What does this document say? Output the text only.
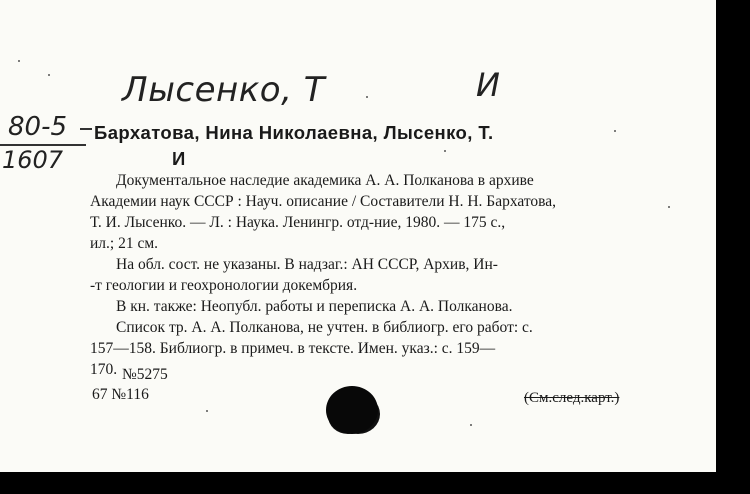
Лысенко, Т	И
80-5
1607
Бархатова, Нина Николаевна, Лысенко, Т.
И

Документальное наследие академика А. А. Полканова в архиве

Академии наук СССР : Науч. описание / Составители Н. Н. Бархатова,

Т. И. Лысенко. — Л. : Наука. Ленингр. отд-ние, 1980. — 175 с.,

ил.; 21 см.

На обл. сост. не указаны. В надзаг.: АН СССР, Архив, Ин-

-т геологии и геохронологии докембрия.

В кн. также: Неопубл. работы и переписка А. А. Полканова.

Список тр. А. А. Полканова, не учтен. в библиогр. его работ: с.

157—158. Библиогр. в примеч. в тексте. Имен. указ.: с. 159—

170. №5275
67 №116	(См.след.карт.)
